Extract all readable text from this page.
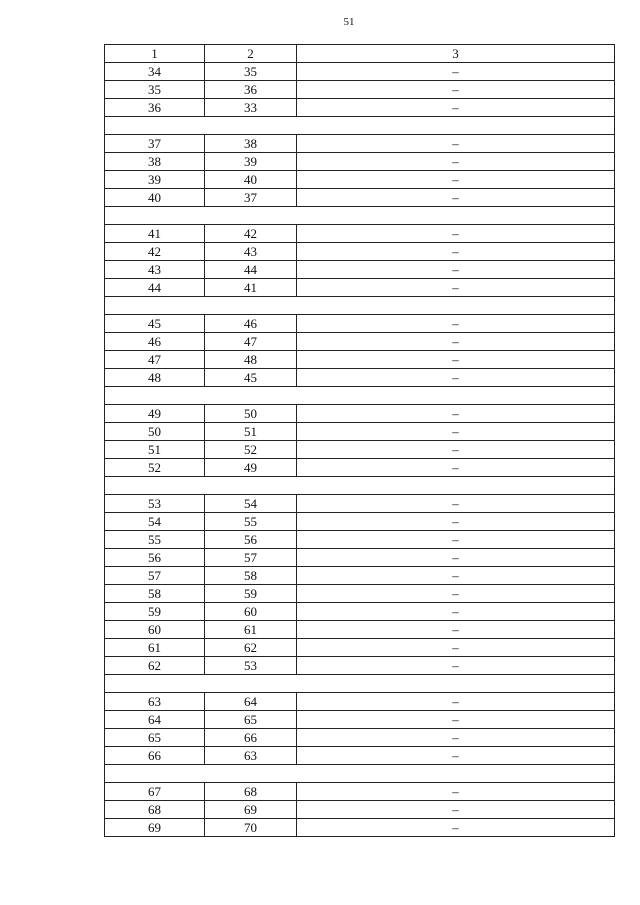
51
1	2	3
34	35	–
35	36	–
36	33	–

37	38	–
38	39	–
39	40	–
40	37	–

41	42	–
42	43	–
43	44	–
44	41	–

45	46	–
46	47	–
47	48	–
48	45	–

49	50	–
50	51	–
51	52	–
52	49	–

53	54	–
54	55	–
55	56	–
56	57	–
57	58	–
58	59	–
59	60	–
60	61	–
61	62	–
62	53	–

63	64	–
64	65	–
65	66	–
66	63	–

67	68	–
68	69	–
69	70	–
